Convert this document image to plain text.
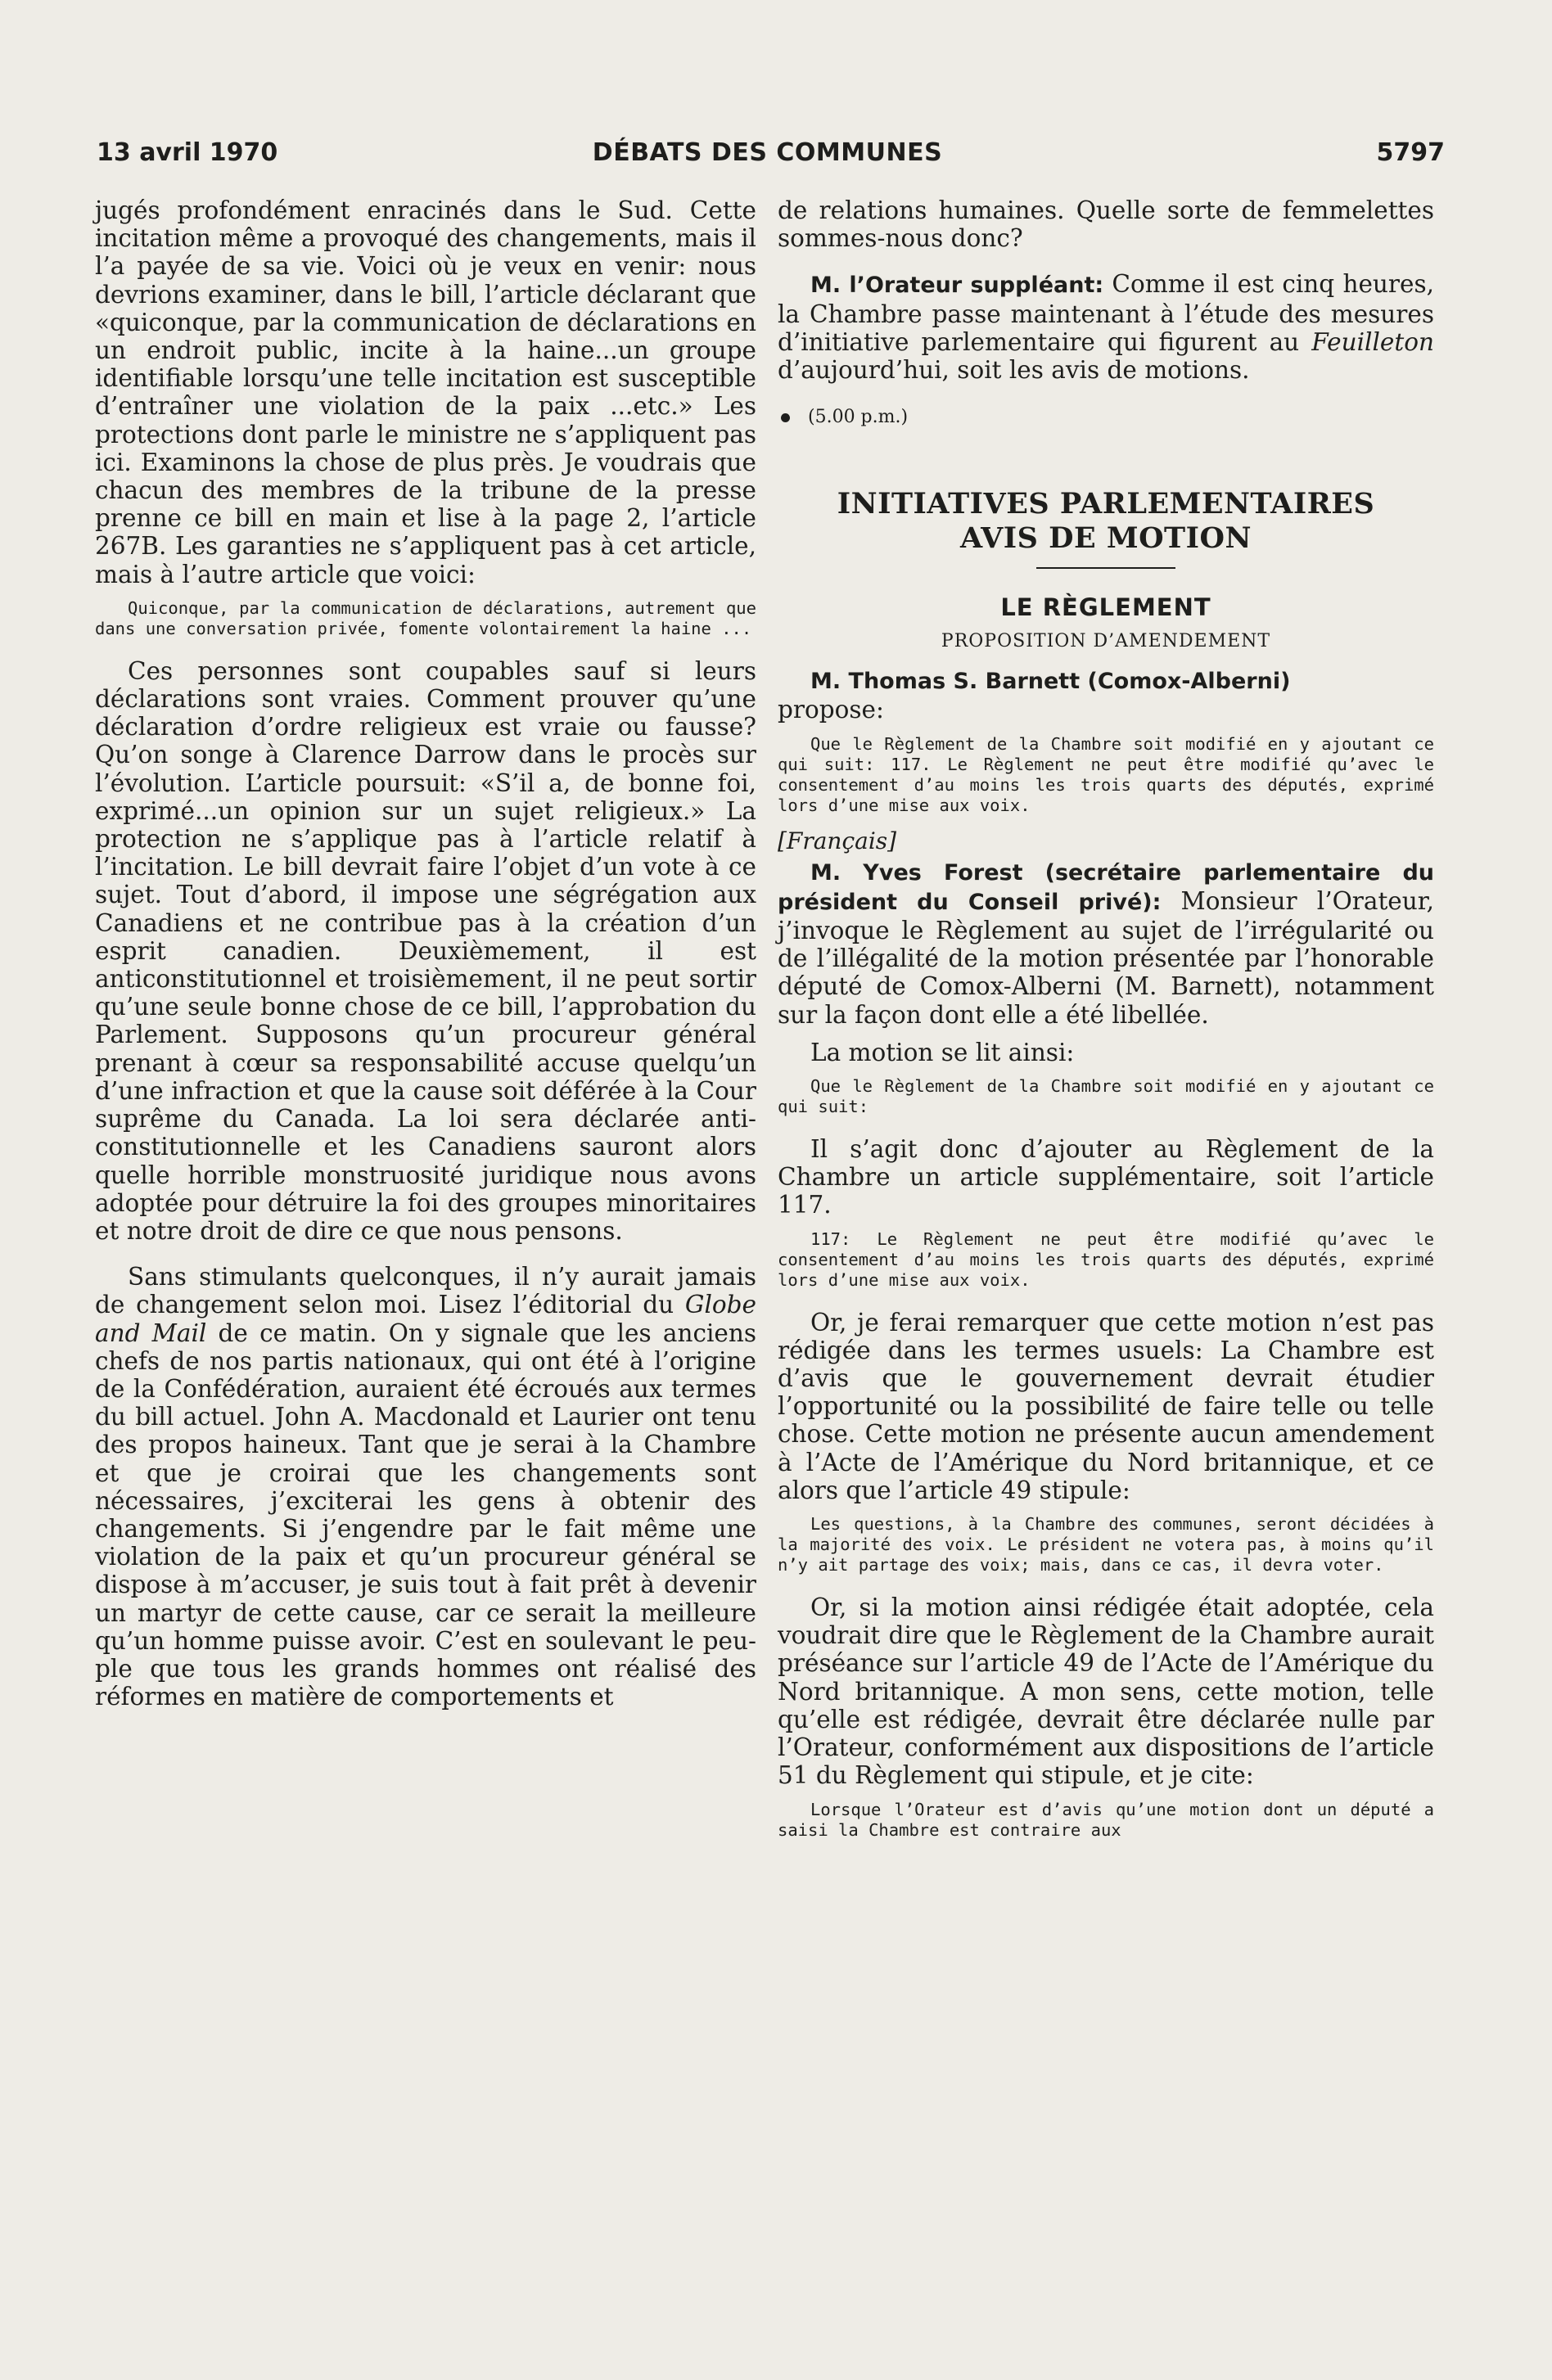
13 avril 1970	DÉBATS DES COMMUNES	5797

jugés profondément enracinés dans le Sud. Cette incitation même a provoqué des changements, mais il l’a payée de sa vie. Voici où je veux en venir: nous devrions examiner, dans le bill, l’article déclarant que «quiconque, par la communication de déclarations en un endroit public, incite à la haine...un groupe identifiable lorsqu’une telle incitation est susceptible d’entraîner une violation de la paix ...etc.» Les protections dont parle le ministre ne s’appliquent pas ici. Examinons la chose de plus près. Je voudrais que chacun des membres de la tribune de la presse prenne ce bill en main et lise à la page 2, l’article 267B. Les garanties ne s’appliquent pas à cet article, mais à l’autre article que voici:

Quiconque, par la communication de déclarations, autrement que dans une conversation privée, fomente volontairement la haine ...

Ces personnes sont coupables sauf si leurs déclarations sont vraies. Comment prouver qu’une déclaration d’ordre religieux est vraie ou fausse? Qu’on songe à Clarence Darrow dans le procès sur l’évolution. L’article poursuit: «S’il a, de bonne foi, exprimé...un opinion sur un sujet religieux.» La protection ne s’applique pas à l’article relatif à l’incitation. Le bill devrait faire l’objet d’un vote à ce sujet. Tout d’abord, il impose une ségrégation aux Canadiens et ne contribue pas à la création d’un esprit canadien. Deuxièmement, il est anticonstitutionnel et troisièmement, il ne peut sortir qu’une seule bonne chose de ce bill, l’approbation du Parlement. Supposons qu’un procureur général prenant à cœur sa responsabilité accuse quelqu’un d’une infraction et que la cause soit déférée à la Cour suprême du Canada. La loi sera déclarée anticonstitutionnelle et les Canadiens sauront alors quelle horrible monstruosité juridique nous avons adoptée pour détruire la foi des groupes minoritaires et notre droit de dire ce que nous pensons.

Sans stimulants quelconques, il n’y aurait jamais de changement selon moi. Lisez l’éditorial du Globe and Mail de ce matin. On y signale que les anciens chefs de nos partis nationaux, qui ont été à l’origine de la Confédération, auraient été écroués aux termes du bill actuel. John A. Macdonald et Laurier ont tenu des propos haineux. Tant que je serai à la Chambre et que je croirai que les changements sont nécessaires, j’exciterai les gens à obtenir des changements. Si j’engendre par le fait même une violation de la paix et qu’un procureur général se dispose à m’accuser, je suis tout à fait prêt à devenir un martyr de cette cause, car ce serait la meilleure qu’un homme puisse avoir. C’est en soulevant le peuple que tous les grands hommes ont réalisé des réformes en matière de comportements et

de relations humaines. Quelle sorte de femmelettes sommes-nous donc?

M. l’Orateur suppléant: Comme il est cinq heures, la Chambre passe maintenant à l’étude des mesures d’initiative parlementaire qui figurent au Feuilleton d’aujourd’hui, soit les avis de motions.

(5.00 p.m.)

INITIATIVES PARLEMENTAIRES
AVIS DE MOTION
LE RÈGLEMENT
PROPOSITION D’AMENDEMENT

M. Thomas S. Barnett (Comox-Alberni)

propose:

Que le Règlement de la Chambre soit modifié en y ajoutant ce qui suit: 117. Le Règlement ne peut être modifié qu’avec le consentement d’au moins les trois quarts des députés, exprimé lors d’une mise aux voix.

[Français]

M. Yves Forest (secrétaire parlementaire du président du Conseil privé): Monsieur l’Orateur, j’invoque le Règlement au sujet de l’irrégularité ou de l’illégalité de la motion présentée par l’honorable député de Comox-Alberni (M. Barnett), notamment sur la façon dont elle a été libellée.

La motion se lit ainsi:

Que le Règlement de la Chambre soit modifié en y ajoutant ce qui suit:

Il s’agit donc d’ajouter au Règlement de la Chambre un article supplémentaire, soit l’article 117.

117: Le Règlement ne peut être modifié qu’avec le consentement d’au moins les trois quarts des députés, exprimé lors d’une mise aux voix.

Or, je ferai remarquer que cette motion n’est pas rédigée dans les termes usuels: La Chambre est d’avis que le gouvernement devrait étudier l’opportunité ou la possibilité de faire telle ou telle chose. Cette motion ne présente aucun amendement à l’Acte de l’Amérique du Nord britannique, et ce alors que l’article 49 stipule:

Les questions, à la Chambre des communes, seront décidées à la majorité des voix. Le président ne votera pas, à moins qu’il n’y ait partage des voix; mais, dans ce cas, il devra voter.

Or, si la motion ainsi rédigée était adoptée, cela voudrait dire que le Règlement de la Chambre aurait préséance sur l’article 49 de l’Acte de l’Amérique du Nord britannique. A mon sens, cette motion, telle qu’elle est rédigée, devrait être déclarée nulle par l’Orateur, conformément aux dispositions de l’article 51 du Règlement qui stipule, et je cite:

Lorsque l’Orateur est d’avis qu’une motion dont un député a saisi la Chambre est contraire aux
